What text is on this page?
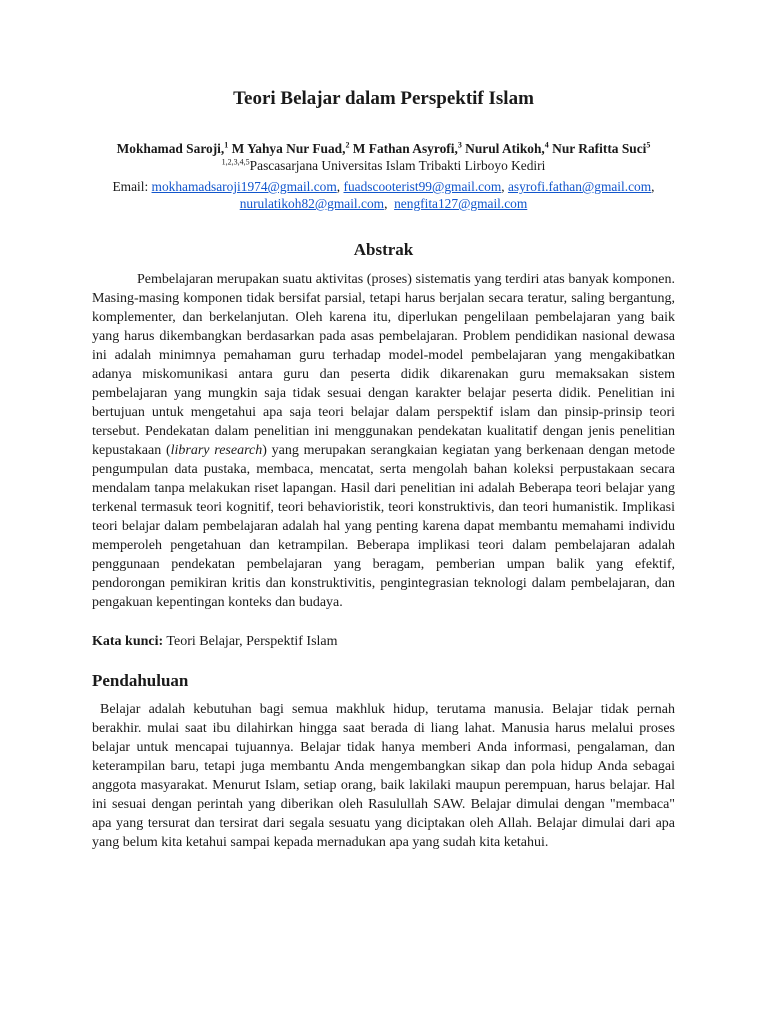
Teori Belajar dalam Perspektif Islam
Mokhamad Saroji,$^1$ M Yahya Nur Fuad,$^2$ M Fathan Asyrofi,$^3$ Nurul Atikoh,$^4$ Nur Rafitta Suci$^5$
$^{1,2,3,4,5}$Pascasarjana Universitas Islam Tribakti Lirboyo Kediri
Email: mokhamadsaroji1974@gmail.com, fuadscooterist99@gmail.com, asyrofi.fathan@gmail.com,
nurulatikoh82@gmail.com,  nengfita127@gmail.com
Abstrak

Pembelajaran merupakan suatu aktivitas (proses) sistematis yang terdiri atas banyak komponen. Masing-masing komponen tidak bersifat parsial, tetapi harus berjalan secara teratur, saling bergantung, komplementer, dan berkelanjutan. Oleh karena itu, diperlukan pengelilaan pembelajaran yang baik yang harus dikembangkan berdasarkan pada asas pembelajaran. Problem pendidikan nasional dewasa ini adalah minimnya pemahaman guru terhadap model-model pembelajaran yang mengakibatkan adanya miskomunikasi antara guru dan peserta didik dikarenakan guru memaksakan sistem pembelajaran yang mungkin saja tidak sesuai dengan karakter belajar peserta didik. Penelitian ini bertujuan untuk mengetahui apa saja teori belajar dalam perspektif islam dan pinsip-prinsip teori tersebut. Pendekatan dalam penelitian ini menggunakan pendekatan kualitatif dengan jenis penelitian kepustakaan (library research) yang merupakan serangkaian kegiatan yang berkenaan dengan metode pengumpulan data pustaka, membaca, mencatat, serta mengolah bahan koleksi perpustakaan secara mendalam tanpa melakukan riset lapangan. Hasil dari penelitian ini adalah Beberapa teori belajar yang terkenal termasuk teori kognitif, teori behavioristik, teori konstruktivis, dan teori humanistik. Implikasi teori belajar dalam pembelajaran adalah hal yang penting karena dapat membantu memahami individu memperoleh pengetahuan dan ketrampilan. Beberapa implikasi teori dalam pembelajaran adalah penggunaan pendekatan pembelajaran yang beragam, pemberian umpan balik yang efektif, pendorongan pemikiran kritis dan konstruktivitis, pengintegrasian teknologi dalam pembelajaran, dan pengakuan kepentingan konteks dan budaya.

Kata kunci: Teori Belajar, Perspektif Islam
Pendahuluan

Belajar adalah kebutuhan bagi semua makhluk hidup, terutama manusia. Belajar tidak pernah berakhir. mulai saat ibu dilahirkan hingga saat berada di liang lahat. Manusia harus melalui proses belajar untuk mencapai tujuannya. Belajar tidak hanya memberi Anda informasi, pengalaman, dan keterampilan baru, tetapi juga membantu Anda mengembangkan sikap dan pola hidup Anda sebagai anggota masyarakat. Menurut Islam, setiap orang, baik lakilaki maupun perempuan, harus belajar. Hal ini sesuai dengan perintah yang diberikan oleh Rasulullah SAW. Belajar dimulai dengan "membaca" apa yang tersurat dan tersirat dari segala sesuatu yang diciptakan oleh Allah. Belajar dimulai dari apa yang belum kita ketahui sampai kepada mernadukan apa yang sudah kita ketahui.
